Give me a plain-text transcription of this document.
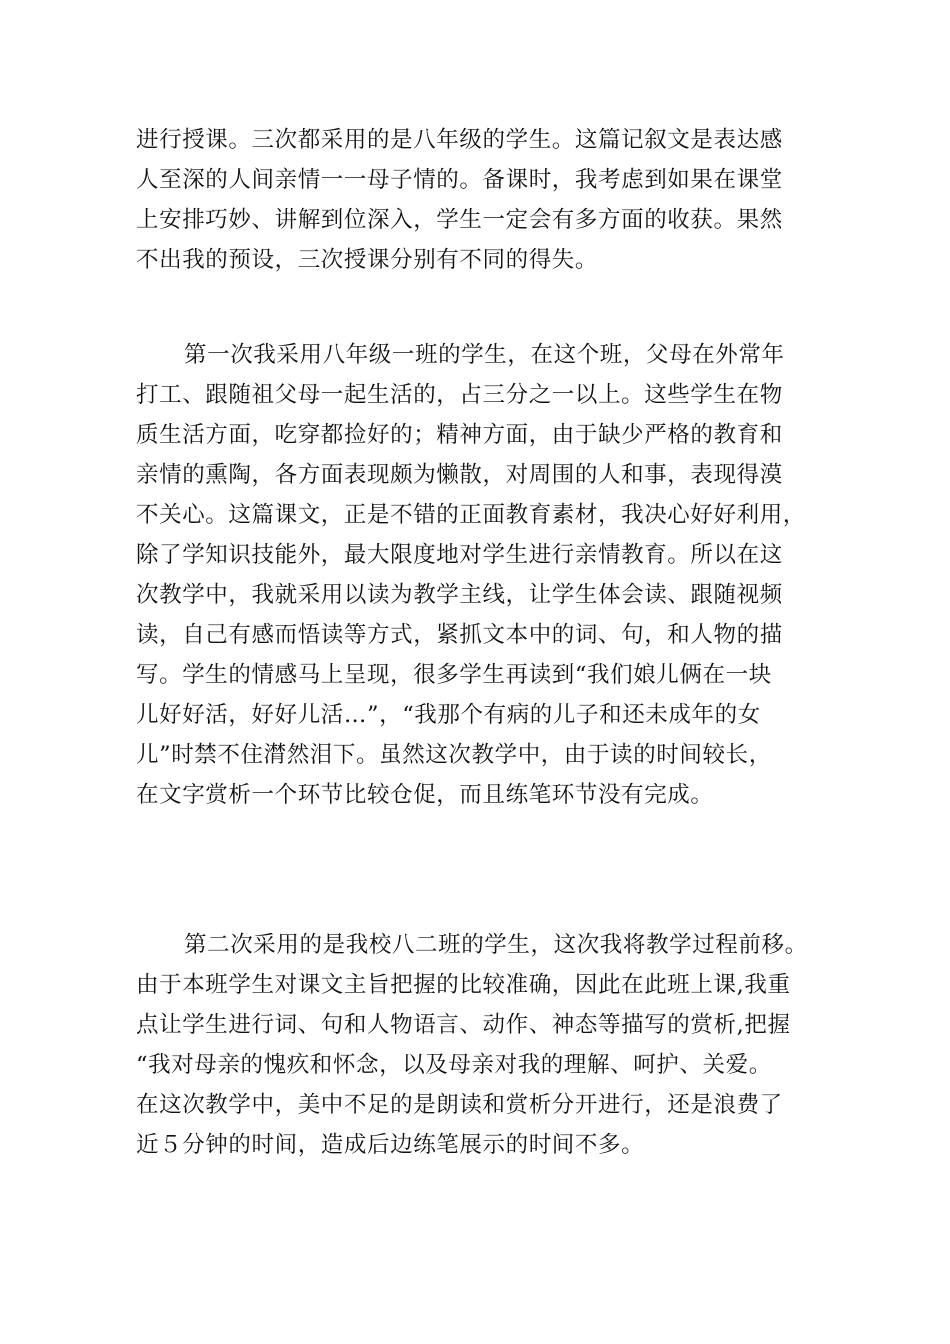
进行授课。三次都采用的是八年级的学生。这篇记叙文是表达感
人至深的人间亲情一一母子情的。备课时，我考虑到如果在课堂
上安排巧妙、讲解到位深入，学生一定会有多方面的收获。果然
不出我的预设，三次授课分别有不同的得失。
第一次我采用八年级一班的学生，在这个班，父母在外常年
打工、跟随祖父母一起生活的，占三分之一以上。这些学生在物
质生活方面，吃穿都捡好的；精神方面，由于缺少严格的教育和
亲情的熏陶，各方面表现颇为懒散，对周围的人和事，表现得漠
不关心。这篇课文，正是不错的正面教育素材，我决心好好利用，
除了学知识技能外，最大限度地对学生进行亲情教育。所以在这
次教学中，我就采用以读为教学主线，让学生体会读、跟随视频
读，自己有感而悟读等方式，紧抓文本中的词、句，和人物的描
写。学生的情感马上呈现，很多学生再读到“我们娘儿俩在一块
儿好好活，好好儿活…”，“我那个有病的儿子和还未成年的女
儿”时禁不住潸然泪下。虽然这次教学中，由于读的时间较长，
在文字赏析一个环节比较仓促，而且练笔环节没有完成。
第二次采用的是我校八二班的学生，这次我将教学过程前移。
由于本班学生对课文主旨把握的比较准确，因此在此班上课,我重
点让学生进行词、句和人物语言、动作、神态等描写的赏析,把握
“我对母亲的愧疚和怀念，以及母亲对我的理解、呵护、关爱。
在这次教学中，美中不足的是朗读和赏析分开进行，还是浪费了
近５分钟的时间，造成后边练笔展示的时间不多。
